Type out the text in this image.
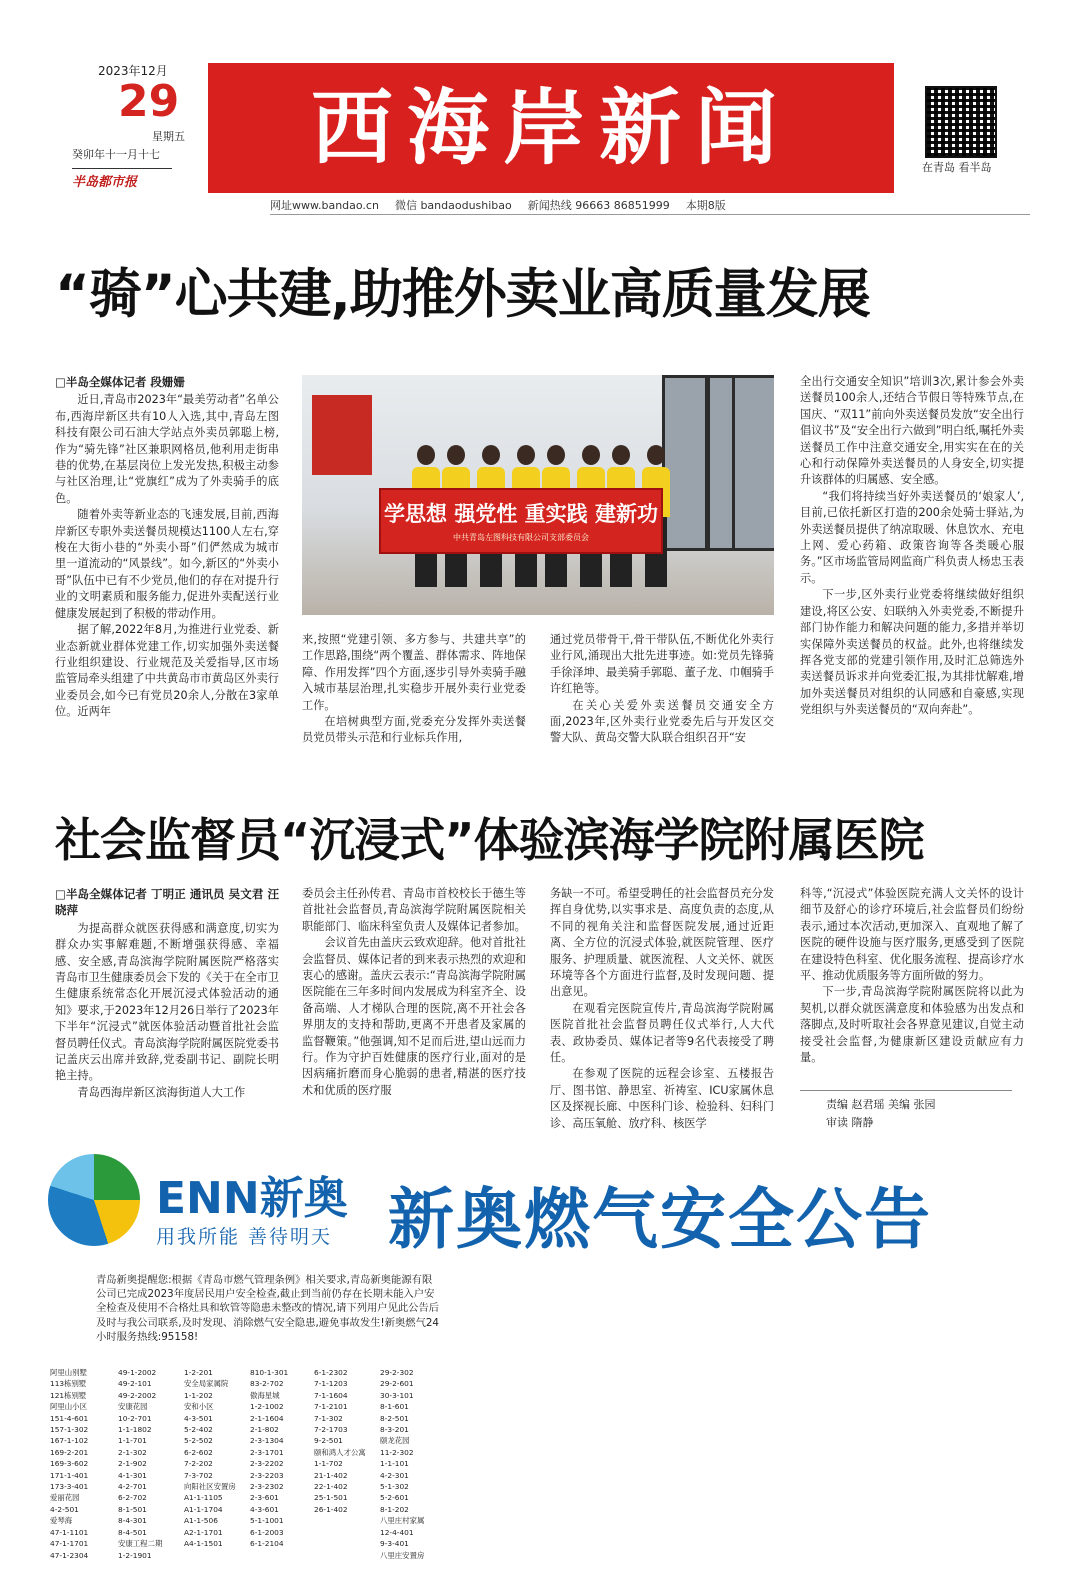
2023年12月
29
星期五
癸卯年十一月十七
半岛都市报
西海岸新闻	在青岛 看半岛
网址www.bandao.cn 微信 bandaodushibao 新闻热线 96663 86851999 本期8版
“骑”心共建,助推外卖业高质量发展
□半岛全媒体记者 段姗姗

近日,青岛市2023年“最美劳动者”名单公布,西海岸新区共有10人入选,其中,青岛左图科技有限公司石油大学站点外卖员郭聪上榜,作为“骑先锋”社区兼职网格员,他利用走街串巷的优势,在基层岗位上发光发热,积极主动参与社区治理,让“党旗红”成为了外卖骑手的底色。

随着外卖等新业态的飞速发展,目前,西海岸新区专职外卖送餐员规模达1100人左右,穿梭在大街小巷的“外卖小哥”们俨然成为城市里一道流动的“风景线”。如今,新区的“外卖小哥”队伍中已有不少党员,他们的存在对提升行业的文明素质和服务能力,促进外卖配送行业健康发展起到了积极的带动作用。

据了解,2022年8月,为推进行业党委、新业态新就业群体党建工作,切实加强外卖送餐行业组织建设、行业规范及关爱指导,区市场监管局牵头组建了中共黄岛市市黄岛区外卖行业委员会,如今已有党员20余人,分散在3家单位。近两年

学思想 强党性 重实践 建新功
中共青岛左图科技有限公司支部委员会

来,按照“党建引领、多方参与、共建共享”的工作思路,围绕“两个覆盖、群体需求、阵地保障、作用发挥”四个方面,逐步引导外卖骑手融入城市基层治理,扎实稳步开展外卖行业党委工作。

在培树典型方面,党委充分发挥外卖送餐员党员带头示范和行业标兵作用,

通过党员带骨干,骨干带队伍,不断优化外卖行业行风,涌现出大批先进事迹。如:党员先锋骑手徐泽坤、最美骑手郭聪、董子龙、巾帼骑手许红艳等。

在关心关爱外卖送餐员交通安全方面,2023年,区外卖行业党委先后与开发区交警大队、黄岛交警大队联合组织召开“安

全出行交通安全知识”培训3次,累计参会外卖送餐员100余人,还结合节假日等特殊节点,在国庆、“双11”前向外卖送餐员发放“安全出行倡议书”及“安全出行六做到”明白纸,嘱托外卖送餐员工作中注意交通安全,用实实在在的关心和行动保障外卖送餐员的人身安全,切实提升该群体的归属感、安全感。

“我们将持续当好外卖送餐员的‘娘家人’,目前,已依托新区打造的200余处骑士驿站,为外卖送餐员提供了纳凉取暖、休息饮水、充电上网、爱心药箱、政策咨询等各类暖心服务。”区市场监管局网监商广科负责人杨忠玉表示。

下一步,区外卖行业党委将继续做好组织建设,将区公安、妇联纳入外卖党委,不断提升部门协作能力和解决问题的能力,多措并举切实保障外卖送餐员的权益。此外,也将继续发挥各党支部的党建引领作用,及时汇总筛选外卖送餐员诉求并向党委汇报,为其排忧解难,增加外卖送餐员对组织的认同感和自豪感,实现党组织与外卖送餐员的“双向奔赴”。

社会监督员“沉浸式”体验滨海学院附属医院
□半岛全媒体记者 丁明正 通讯员 吴文君 汪晓萍

为提高群众就医获得感和满意度,切实为群众办实事解难题,不断增强获得感、幸福感、安全感,青岛滨海学院附属医院严格落实青岛市卫生健康委员会下发的《关于在全市卫生健康系统常态化开展沉浸式体验活动的通知》要求,于2023年12月26日举行了2023年下半年“沉浸式”就医体验活动暨首批社会监督员聘任仪式。青岛滨海学院附属医院党委书记盖庆云出席并致辞,党委副书记、副院长明艳主持。

青岛西海岸新区滨海街道人大工作

委员会主任孙传君、青岛市首校校长于德生等首批社会监督员,青岛滨海学院附属医院相关职能部门、临床科室负责人及媒体记者参加。

会议首先由盖庆云致欢迎辞。他对首批社会监督员、媒体记者的到来表示热烈的欢迎和衷心的感谢。盖庆云表示:“青岛滨海学院附属医院能在三年多时间内发展成为科室齐全、设备高端、人才梯队合理的医院,离不开社会各界朋友的支持和帮助,更离不开患者及家属的监督鞭策。”他强调,知不足而后进,望山远而力行。作为守护百姓健康的医疗行业,面对的是因病痛折磨而身心脆弱的患者,精湛的医疗技术和优质的医疗服

务缺一不可。希望受聘任的社会监督员充分发挥自身优势,以实事求是、高度负责的态度,从不同的视角关注和监督医院发展,通过近距离、全方位的沉浸式体验,就医院管理、医疗服务、护理质量、就医流程、人文关怀、就医环境等各个方面进行监督,及时发现问题、提出意见。

在观看完医院宣传片,青岛滨海学院附属医院首批社会监督员聘任仪式举行,人大代表、政协委员、媒体记者等9名代表接受了聘任。

在参观了医院的远程会诊室、五楼报告厅、图书馆、静思室、祈祷室、ICU家属休息区及探视长廊、中医科门诊、检验科、妇科门诊、高压氧舱、放疗科、核医学

科等,“沉浸式”体验医院充满人文关怀的设计细节及舒心的诊疗环境后,社会监督员们纷纷表示,通过本次活动,更加深入、直观地了解了医院的硬件设施与医疗服务,更感受到了医院在建设特色科室、优化服务流程、提高诊疗水平、推动优质服务等方面所做的努力。

下一步,青岛滨海学院附属医院将以此为契机,以群众就医满意度和体验感为出发点和落脚点,及时听取社会各界意见建议,自觉主动接受社会监督,为健康新区建设贡献应有力量。

责编 赵君瑶 美编 张园
审读 隋静
ENN新奥
用我所能 善待明天 新奥燃气安全公告
青岛新奥提醒您:根据《青岛市燃气管理条例》相关要求,青岛新奥能源有限公司已完成2023年度居民用户安全检查,截止到当前仍存在长期未能入户安全检查及使用不合格灶具和软管等隐患未整改的情况,请下列用户见此公告后及时与我公司联系,及时发现、消除燃气安全隐患,避免事故发生!新奥燃气24小时服务热线:95158!
阿里山别墅
113栋别墅
121栋别墅
阿里山小区
151-4-601
157-1-302
167-1-102
169-2-201
169-3-602
171-1-401
173-3-401
爱丽花园
4-2-501
爱琴海
47-1-1101
47-1-1701
47-1-2304
49-1-2002
49-2-101
49-2-2002
安康花园
10-2-701
1-1-1802
1-1-701
2-1-302
2-1-902
4-1-301
4-2-701
6-2-702
8-1-501
8-4-301
8-4-501
安康工程二期
1-2-1901
1-2-201
安全局家属院
1-1-202
安和小区
4-3-501
5-2-402
5-2-502
6-2-602
7-2-202
7-3-702
向阳社区安置房
A1-1-1105
A1-1-1704
A1-1-506
A2-1-1701
A4-1-1501
810-1-301
83-2-702
傲海星城
1-2-1002
2-1-1604
2-1-802
2-3-1304
2-3-1701
2-3-2202
2-3-2203
2-3-2302
2-3-601
4-3-601
5-1-1001
6-1-2003
6-1-2104
6-1-2302
7-1-1203
7-1-1604
7-1-2101
7-1-302
7-2-1703
9-2-501
颐和鸿人才公寓
1-1-702
21-1-402
22-1-402
25-1-501
26-1-402
29-2-302
29-2-601
30-3-101
8-1-601
8-2-501
8-3-201
颐龙花园
11-2-302
1-1-101
4-2-301
5-1-302
5-2-601
8-1-202
八里庄村家属
12-4-401
9-3-401
八里庄安置房
